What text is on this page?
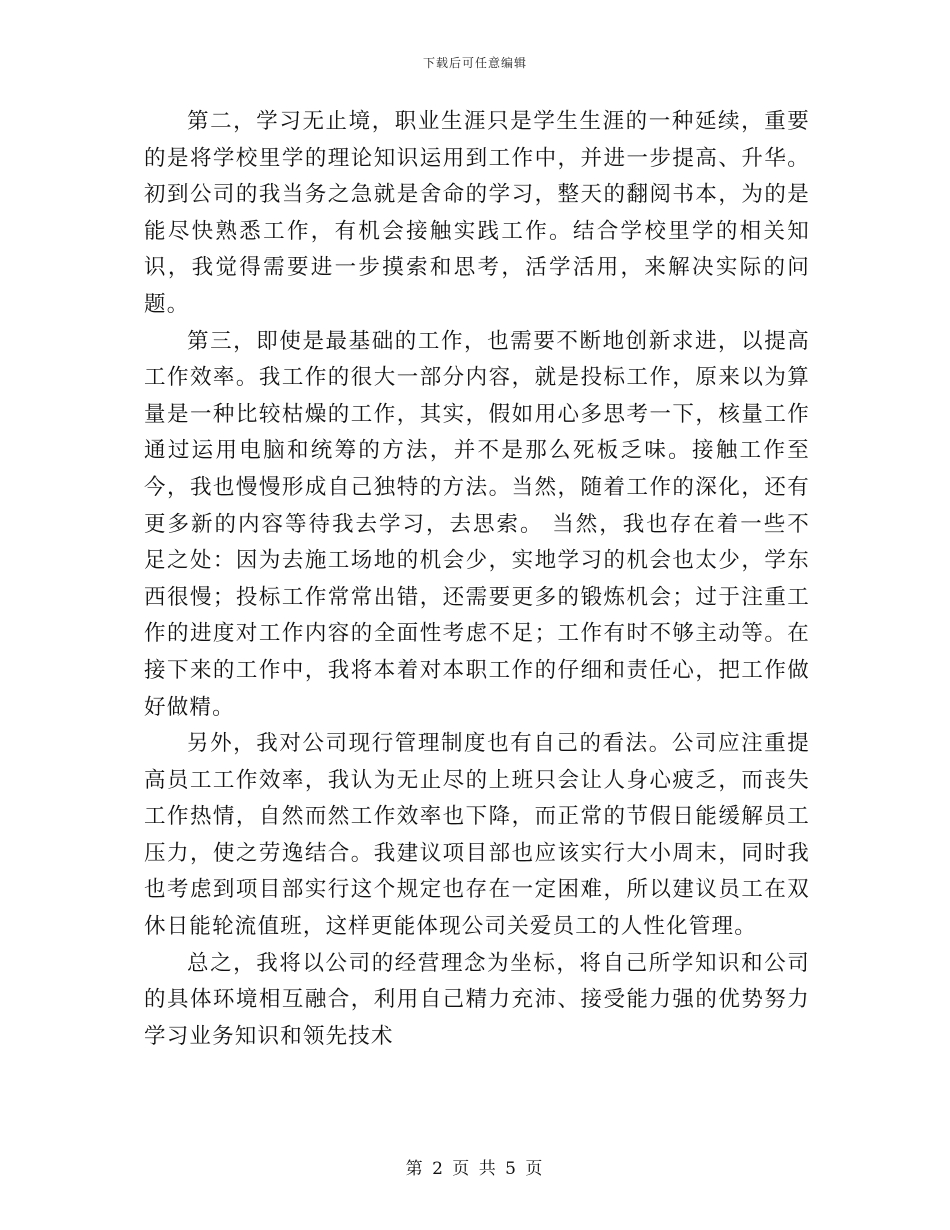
下载后可任意编辑

第二，学习无止境，职业生涯只是学生生涯的一种延续，重要的是将学校里学的理论知识运用到工作中，并进一步提高、升华。初到公司的我当务之急就是舍命的学习，整天的翻阅书本，为的是能尽快熟悉工作，有机会接触实践工作。结合学校里学的相关知识，我觉得需要进一步摸索和思考，活学活用，来解决实际的问题。

第三，即使是最基础的工作，也需要不断地创新求进，以提高工作效率。我工作的很大一部分内容，就是投标工作，原来以为算量是一种比较枯燥的工作，其实，假如用心多思考一下，核量工作通过运用电脑和统筹的方法，并不是那么死板乏味。接触工作至今，我也慢慢形成自己独特的方法。当然，随着工作的深化，还有更多新的内容等待我去学习，去思索。 当然，我也存在着一些不足之处：因为去施工场地的机会少，实地学习的机会也太少，学东西很慢；投标工作常常出错，还需要更多的锻炼机会；过于注重工作的进度对工作内容的全面性考虑不足；工作有时不够主动等。在接下来的工作中，我将本着对本职工作的仔细和责任心，把工作做好做精。

另外，我对公司现行管理制度也有自己的看法。公司应注重提高员工工作效率，我认为无止尽的上班只会让人身心疲乏，而丧失工作热情，自然而然工作效率也下降，而正常的节假日能缓解员工压力，使之劳逸结合。我建议项目部也应该实行大小周末，同时我也考虑到项目部实行这个规定也存在一定困难，所以建议员工在双休日能轮流值班，这样更能体现公司关爱员工的人性化管理。

总之，我将以公司的经营理念为坐标，将自己所学知识和公司的具体环境相互融合，利用自己精力充沛、接受能力强的优势努力学习业务知识和领先技术

第 2 页 共 5 页
